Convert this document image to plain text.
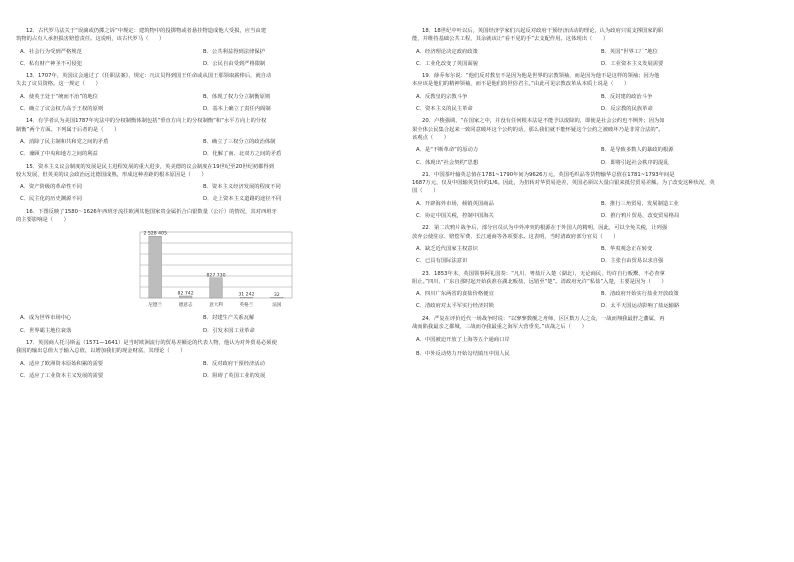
12．古代罗马法关于“误滴或仍掷之诉”中规定：建筑物中的投掷物或者悬挂物造成他人受损，应当由建
筑物的占有人承担损害赔偿责任。这说明，该古代罗马（　　）

A．社会行为受到严格规范	B．公共利益得到法律保护
C．私有财产神圣不可侵犯	D．公民自由受到严格限制

13．1707年，英国议会通过了《任职法案》，规定：凡议员得到国王任命或从国王那领取薪俸后，就自动
失去了议员资格。这一规定（　　）

A．使英王处于“统而不治”的地位	B．体现了权力分立制衡原则
C．确立了议会权力高于王权的原则	D．基本上确立了责任内阁制

14．有学者认为美国1787年宪法中的分权制衡体制包括“垂直方向上的分权制衡”和“水平方向上的分权
制衡”两个方面。下列属于后者的是（　　）

A．消除了民主制和共和党之间的矛盾	B．确立了三权分立的政治体制
C．兼顾了中央和地方之间的利益	D．化解了南、北双方之间的矛盾

15．资本主义议会制度的发展是民主进程发展的重大进步，英美德的议会制度在19世纪至20世纪初都得到
较大发展，但英美的议会政治远比德国成熟，形成这种差距的根本原因是（　　）

A．资产阶级的革命性不同	B．资本主义经济发展的程度不同
C．民主化的历史渊源不同	D．走上资本主义道路的途径不同

16．下图反映了1580～1626年西班牙流往欧洲其他国家贵金属折合白银数量（公斤）的情况，其对西班牙
的主要影响是（　　）

2 528 405
尼德兰
82 742
德意志
827 730
意大利
31 242
英格兰
32
法国
A．成为世界市场中心	B．封建生产关系瓦解
C．世界霸主地位衰落	D．引发本国工业革命

17．英国商人托马斯孟（1571—1641）是当时欧洲流行的贸易差额论的代表人物，他认为对外贸易必须使
我国的输出总值大于输入总值，以增加我们的现金财富，其理论（　　）

A．适应了欧洲资本原始积累的需要	B．反对政府干预经济活动
C．适应了工业资本主义发展的需要	D．阻碍了英国工业的发展

18．18世纪中叶以后，英国经济学家们兴起反对政府干预经济活动的理论，认为政府只需支撑国家的职
能，并维持基础公共工程，其余就该让“看不见的手”去支配作用。这体现出（　　）

A．经济理论决定政府政策	B．英国“世界工厂”地位
C．工业化改变了英国面貌	D．工业资本主义发展需要

19．薛乔布尔说：“他们反对教皇不是因为他是世界的宗教领袖，而是因为他不是这样的领袖；因为他
本应该是他们的精神领袖，而不是他们的世俗君主。”由此可见宗教改革从本质上说是（　　）

A．反教皇的宗教斗争	B．反封建的政治斗争
C．资本主义的民主革命	D．反宗教的民族革命

20．卢梭强调，“在国家之中，并没有任何根本法是不能予以废除的，即使是社会公约也不例外；因为如
果全体公民集合起来一致同意破坏这个公约的话，那么我们就不能怀疑这个公约之被破坏乃是非常合法的”。
该观点（　　）

A．是“不断革命”的原动力	B．是导致多数人的暴政的根源
C．体现出“社会契约”思想	D．即将引起社会秩序的混乱

21．中国茶叶输英总值在1781~1790年间为9626万元，英国毛织品等货物输华总值在1781~1793年间是
1687万元，仅及中国输英货价的1/6。因此，为扭转对华贸易逆差，英国必须以大量白银来抵付贸易差额。为了改变这种状况，英
国（　　）

A．开辟海外市场，倾销英国商品	B．推行三角贸易，发展制造工业
C．协定中国关税，控制中国海关	D．推行鸦片贸易，改变贸易格局

22．第二次鸦片战争后，部分官员认为中外冲突的根源在于外国人的精明，因此，可以全免关税，让列强
放弃公使驻京、赔偿军费、长江通商等各项要求。这表明，当时清政府部分官员（　　）

A．缺乏近代国家主权意识	B．华夷观念正在转变
C．已具有国际法意识	D．主张自由贸易以求自强

23．1853年末，英国领事阿礼国奏：“凡川、粤盐斤入楚（湖北），无论商民，均许自行贩鬻，不必查拿
阻止。”四川、广东自那时起开始获准在湖北贩盐，远销至“楚”。清政府允许“私盐”入楚，主要是因为（　　）

A．四川广东两省的食盐价格便宜	B．清政府开始实行盐业开放政策
C．清政府对太平军实行经济封锁	D．太平天国运动影响了盐运输路

24．严复在评价近代一场战争时说：“以寥寥数舰之舟师，区区数万人之众，一战而翔我最舒之藩属，再
战而陷我最亲之都城，三战而夺我最重之海军大营垂矣。”该战之后（　　）

A．中国被迫开放了上海等五个通商口岸
B．中外反动势力开始勾结镇压中国人民
